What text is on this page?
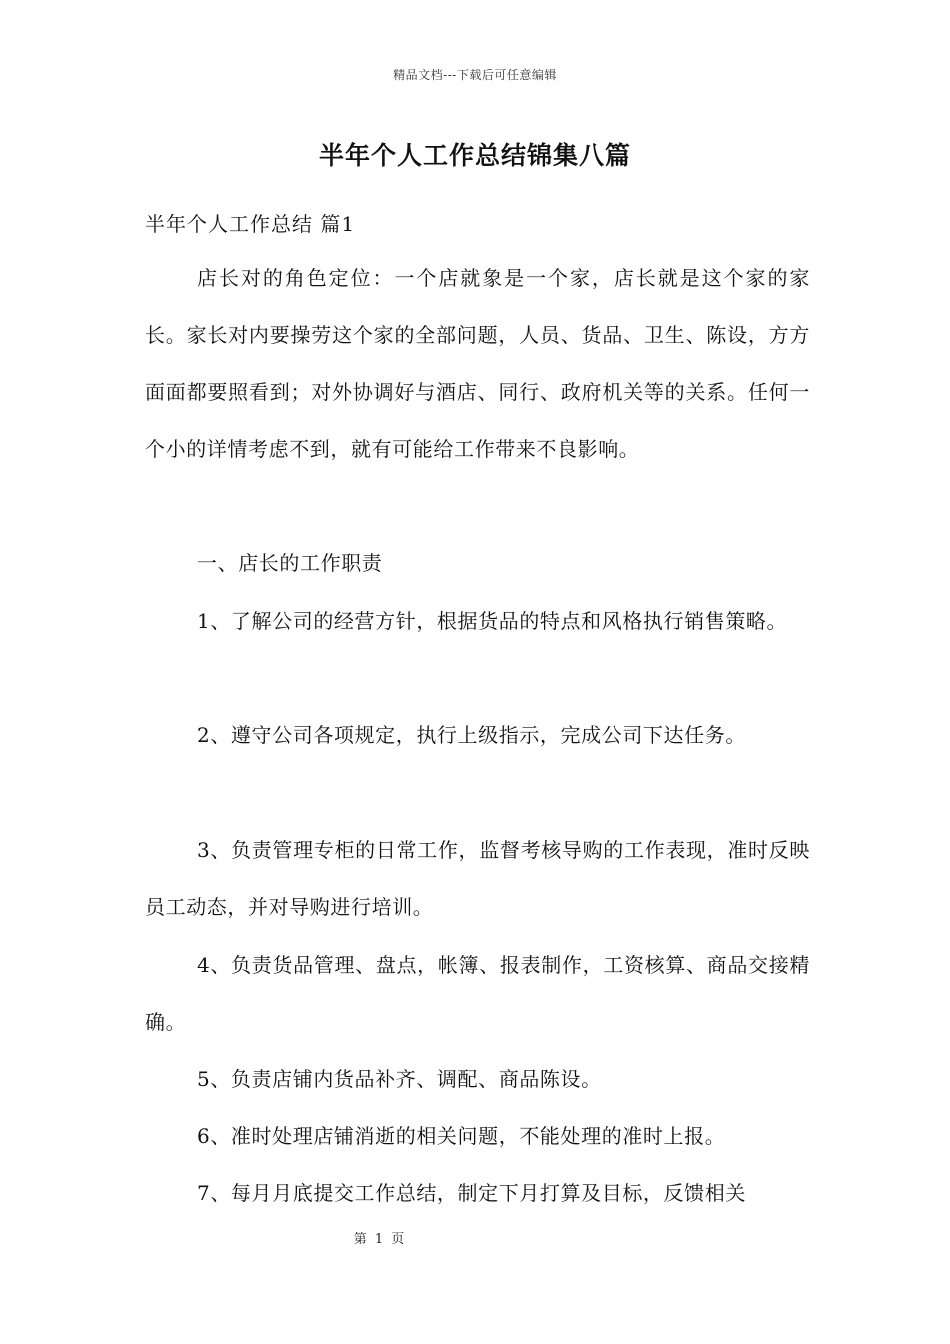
精品文档---下载后可任意编辑
半年个人工作总结锦集八篇
半年个人工作总结 篇1

店长对的角色定位：一个店就象是一个家，店长就是这个家的家长。家长对内要操劳这个家的全部问题，人员、货品、卫生、陈设，方方面面都要照看到；对外协调好与酒店、同行、政府机关等的关系。任何一个小的详情考虑不到，就有可能给工作带来不良影响。

一、店长的工作职责

1、了解公司的经营方针，根据货品的特点和风格执行销售策略。

2、遵守公司各项规定，执行上级指示，完成公司下达任务。

3、负责管理专柜的日常工作，监督考核导购的工作表现，准时反映员工动态，并对导购进行培训。

4、负责货品管理、盘点，帐簿、报表制作，工资核算、商品交接精确。

5、负责店铺内货品补齐、调配、商品陈设。

6、准时处理店铺消逝的相关问题，不能处理的准时上报。

7、每月月底提交工作总结，制定下月打算及目标，反馈相关

第 1 页
